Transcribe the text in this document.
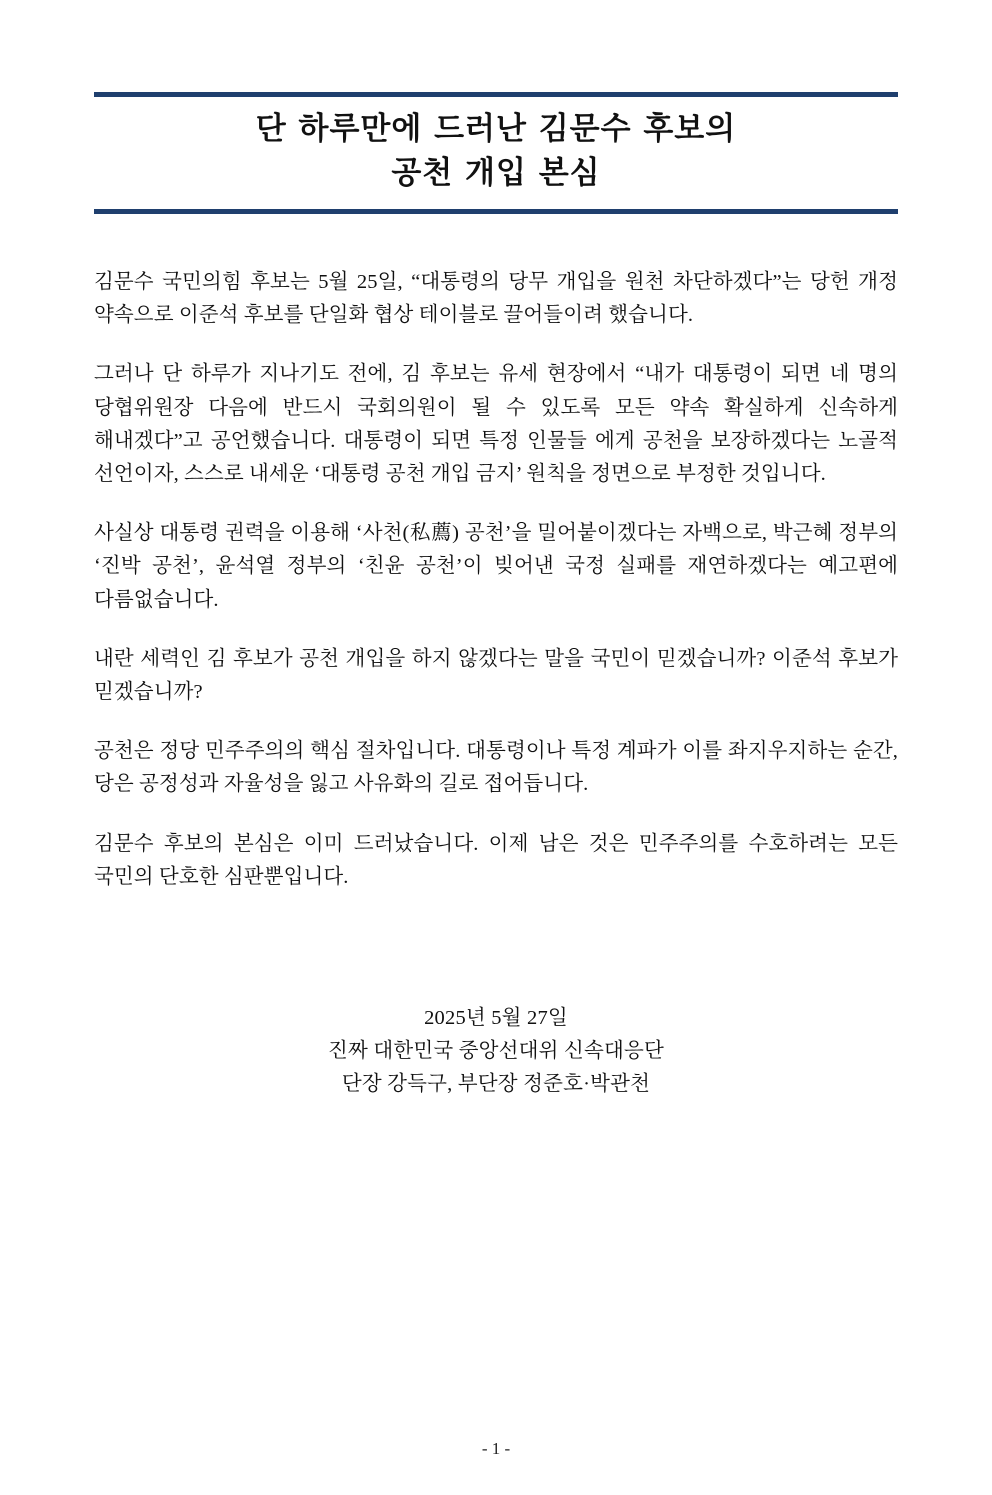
단 하루만에 드러난 김문수 후보의
공천 개입 본심

김문수 국민의힘 후보는 5월 25일, “대통령의 당무 개입을 원천 차단하겠다”는 당헌 개정 약속으로 이준석 후보를 단일화 협상 테이블로 끌어들이려 했습니다.

그러나 단 하루가 지나기도 전에, 김 후보는 유세 현장에서 “내가 대통령이 되면 네 명의 당협위원장 다음에 반드시 국회의원이 될 수 있도록 모든 약속 확실하게 신속하게 해내겠다”고 공언했습니다. 대통령이 되면 특정 인물들 에게 공천을 보장하겠다는 노골적 선언이자, 스스로 내세운 ‘대통령 공천 개입 금지’ 원칙을 정면으로 부정한 것입니다.

사실상 대통령 권력을 이용해 ‘사천(私薦) 공천’을 밀어붙이겠다는 자백으로, 박근혜 정부의 ‘진박 공천’, 윤석열 정부의 ‘친윤 공천’이 빚어낸 국정 실패를 재연하겠다는 예고편에 다름없습니다.

내란 세력인 김 후보가 공천 개입을 하지 않겠다는 말을 국민이 믿겠습니까? 이준석 후보가 믿겠습니까?

공천은 정당 민주주의의 핵심 절차입니다. 대통령이나 특정 계파가 이를 좌지우지하는 순간, 당은 공정성과 자율성을 잃고 사유화의 길로 접어듭니다.

김문수 후보의 본심은 이미 드러났습니다. 이제 남은 것은 민주주의를 수호하려는 모든 국민의 단호한 심판뿐입니다.

2025년 5월 27일
진짜 대한민국 중앙선대위 신속대응단
단장 강득구, 부단장 정준호·박관천
- 1 -
